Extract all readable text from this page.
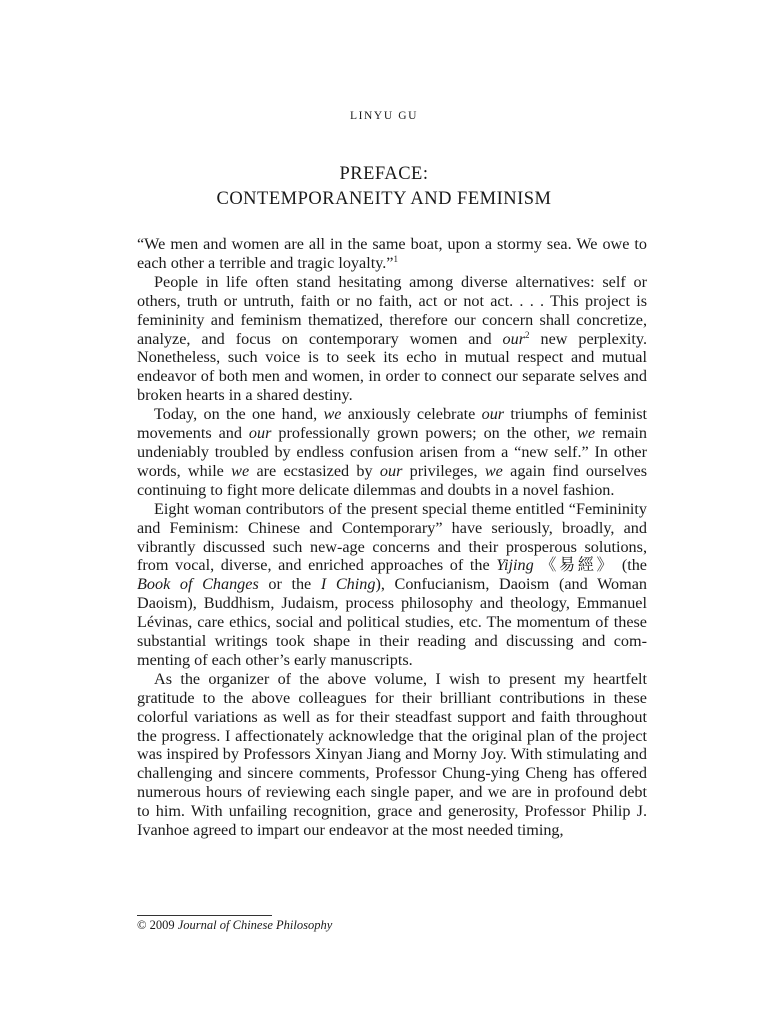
LINYU GU
PREFACE:
CONTEMPORANEITY AND FEMINISM

“We men and women are all in the same boat, upon a stormy sea. We owe to each other a terrible and tragic loyalty.”$^1$

People in life often stand hesitating among diverse alternatives: self or others, truth or untruth, faith or no faith, act or not act. . . . This project is femininity and feminism thematized, therefore our concern shall concretize, analyze, and focus on contemporary women and our$^2$ new perplexity. Nonetheless, such voice is to seek its echo in mutual respect and mutual endeavor of both men and women, in order to connect our separate selves and broken hearts in a shared destiny.

Today, on the one hand, we anxiously celebrate our triumphs of feminist movements and our professionally grown powers; on the other, we remain undeniably troubled by endless confusion arisen from a “new self.” In other words, while we are ecstasized by our privileges, we again find ourselves continuing to fight more delicate dilemmas and doubts in a novel fashion.

Eight woman contributors of the present special theme entitled “Femininity and Feminism: Chinese and Contemporary” have seriously, broadly, and vibrantly discussed such new-age concerns and their prosperous solutions, from vocal, diverse, and enriched approaches of the Yijing 《易經》 (the Book of Changes or the I Ching), Confucianism, Daoism (and Woman Daoism), Buddhism, Judaism, process philosophy and theology, Emmanuel Lévinas, care ethics, social and political studies, etc. The momentum of these substantial writings took shape in their reading and discussing and commenting of each other’s early manuscripts.

As the organizer of the above volume, I wish to present my heartfelt gratitude to the above colleagues for their brilliant contributions in these colorful variations as well as for their steadfast support and faith throughout the progress. I affectionately acknowledge that the original plan of the project was inspired by Professors Xinyan Jiang and Morny Joy. With stimulating and challenging and sincere comments, Professor Chung-ying Cheng has offered numerous hours of reviewing each single paper, and we are in profound debt to him. With unfailing recognition, grace and generosity, Professor Philip J. Ivanhoe agreed to impart our endeavor at the most needed timing,

© 2009 Journal of Chinese Philosophy
